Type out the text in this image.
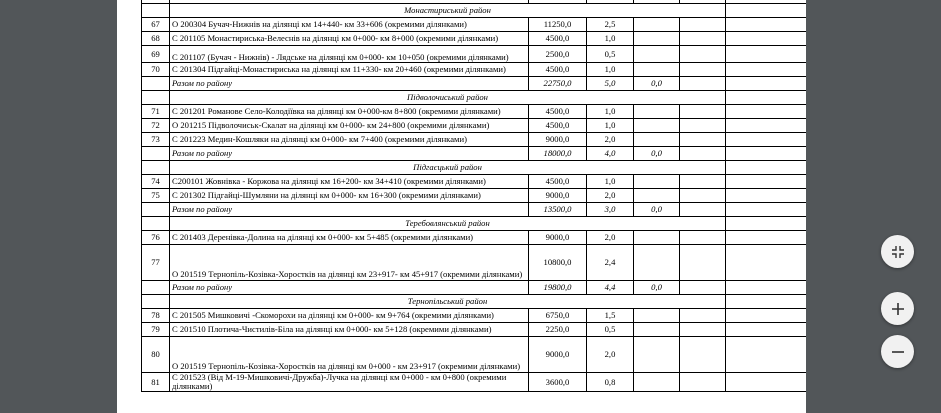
	Монастириський район					
67	О 200304 Бучач-Нижнів на ділянці км 14+440- км 33+606 (окремими ділянками)	11250,0	2,5			
68	С 201105 Монастириська-Велеснів на ділянці км 0+000- км 8+000 (окремими ділянками)	4500,0	1,0			
69	С 201107 (Бучач - Нижнів) - Лядське на ділянці км 0+000- км 10+050 (окремими ділянками)	2500,0	0,5			
70	С 201304 Підгайці-Монастириська на ділянці км 11+330- км 20+460 (окремими ділянками)	4500,0	1,0			
	Разом по району	22750,0	5,0	0,0		
	Підволочиський район					
71	С 201201 Романове Село-Колодіївка на ділянці км 0+000-км 8+800 (окремими ділянками)	4500,0	1,0			
72	О 201215 Підволочиськ-Скалат на ділянці км 0+000- км 24+800 (окремими ділянками)	4500,0	1,0			
73	С 201223 Медин-Кошляки на ділянці км 0+000- км 7+400 (окремими ділянками)	9000,0	2,0			
	Разом по району	18000,0	4,0	0,0		
	Підгаєцький район					
74	С200101 Жовнівка - Коржова на ділянці км 16+200- км 34+410 (окремими ділянками)	4500,0	1,0			
75	С 201302 Підгайці-Шумляни на ділянці км 0+000- км 16+300 (окремими ділянками)	9000,0	2,0			
	Разом по району	13500,0	3,0	0,0		
	Теребовлянський район					
76	С 201403 Деренівка-Долина на ділянці км 0+000- км 5+485 (окремими ділянками)	9000,0	2,0			
77	О 201519 Тернопіль-Козівка-Хоростків на ділянці км 23+917- км 45+917 (окремими ділянками)	10800,0	2,4			
	Разом по району	19800,0	4,4	0,0		
	Тернопільський район					
78	С 201505 Мишковичі -Скоморохи на ділянці км 0+000- км 9+764 (окремими ділянками)	6750,0	1,5			
79	С 201510 Плотича-Чистилів-Біла на ділянці км 0+000- км 5+128 (окремими ділянками)	2250,0	0,5			
80	О 201519 Тернопіль-Козівка-Хоростків на ділянці км 0+000 - км 23+917 (окремими ділянками)	9000,0	2,0			
81	С 201523 (Від М-19-Мишковичі-Дружба)-Лучка на ділянці км 0+000 - км 0+800 (окремими ділянками)	3600,0	0,8			
